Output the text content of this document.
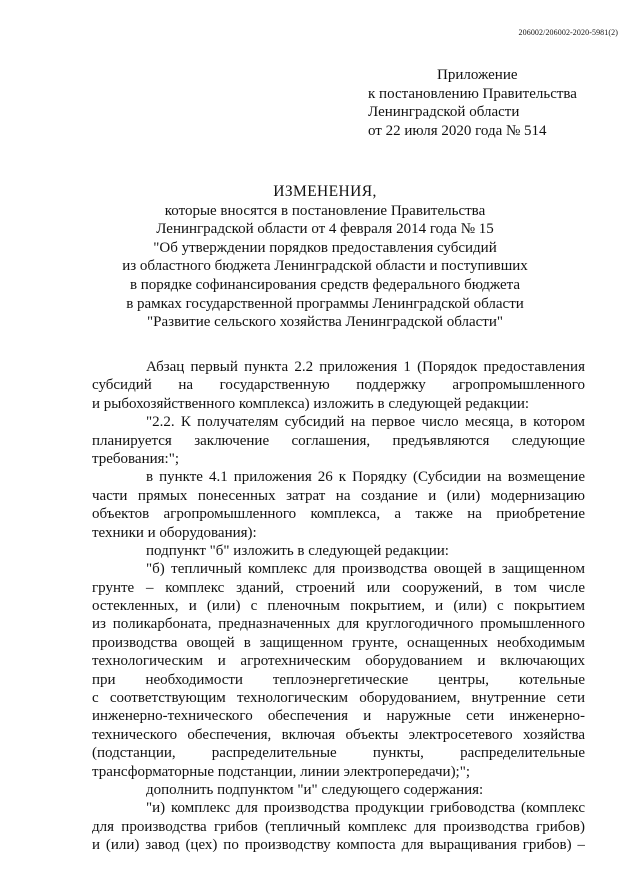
206002/206002-2020-5981(2)
Приложение
к постановлению Правительства
Ленинградской области
от 22 июля 2020 года № 514
ИЗМЕНЕНИЯ,
которые вносятся в постановление Правительства
Ленинградской области от 4 февраля 2014 года № 15
"Об утверждении порядков предоставления субсидий
из областного бюджета Ленинградской области и поступивших
в порядке софинансирования средств федерального бюджета
в рамках государственной программы Ленинградской области
"Развитие сельского хозяйства Ленинградской области"
Абзац первый пункта 2.2 приложения 1 (Порядок предоставления
субсидий на государственную поддержку агропромышленного
и рыбохозяйственного комплекса) изложить в следующей редакции:
"2.2. К получателям субсидий на первое число месяца, в котором
планируется заключение соглашения, предъявляются следующие
требования:";
в пункте 4.1 приложения 26 к Порядку (Субсидии на возмещение
части прямых понесенных затрат на создание и (или) модернизацию
объектов агропромышленного комплекса, а также на приобретение
техники и оборудования):
подпункт "б" изложить в следующей редакции:
"б) тепличный комплекс для производства овощей в защищенном
грунте – комплекс зданий, строений или сооружений, в том числе
остекленных, и (или) с пленочным покрытием, и (или) с покрытием
из поликарбоната, предназначенных для круглогодичного промышленного
производства овощей в защищенном грунте, оснащенных необходимым
технологическим и агротехническим оборудованием и включающих
при необходимости теплоэнергетические центры, котельные
с соответствующим технологическим оборудованием, внутренние сети
инженерно-технического обеспечения и наружные сети инженерно-
технического обеспечения, включая объекты электросетевого хозяйства
(подстанции, распределительные пункты, распределительные
трансформаторные подстанции, линии электропередачи);";
дополнить подпунктом "и" следующего содержания:
"и) комплекс для производства продукции грибоводства (комплекс
для производства грибов (тепличный комплекс для производства грибов)
и (или) завод (цех) по производству компоста для выращивания грибов) –
